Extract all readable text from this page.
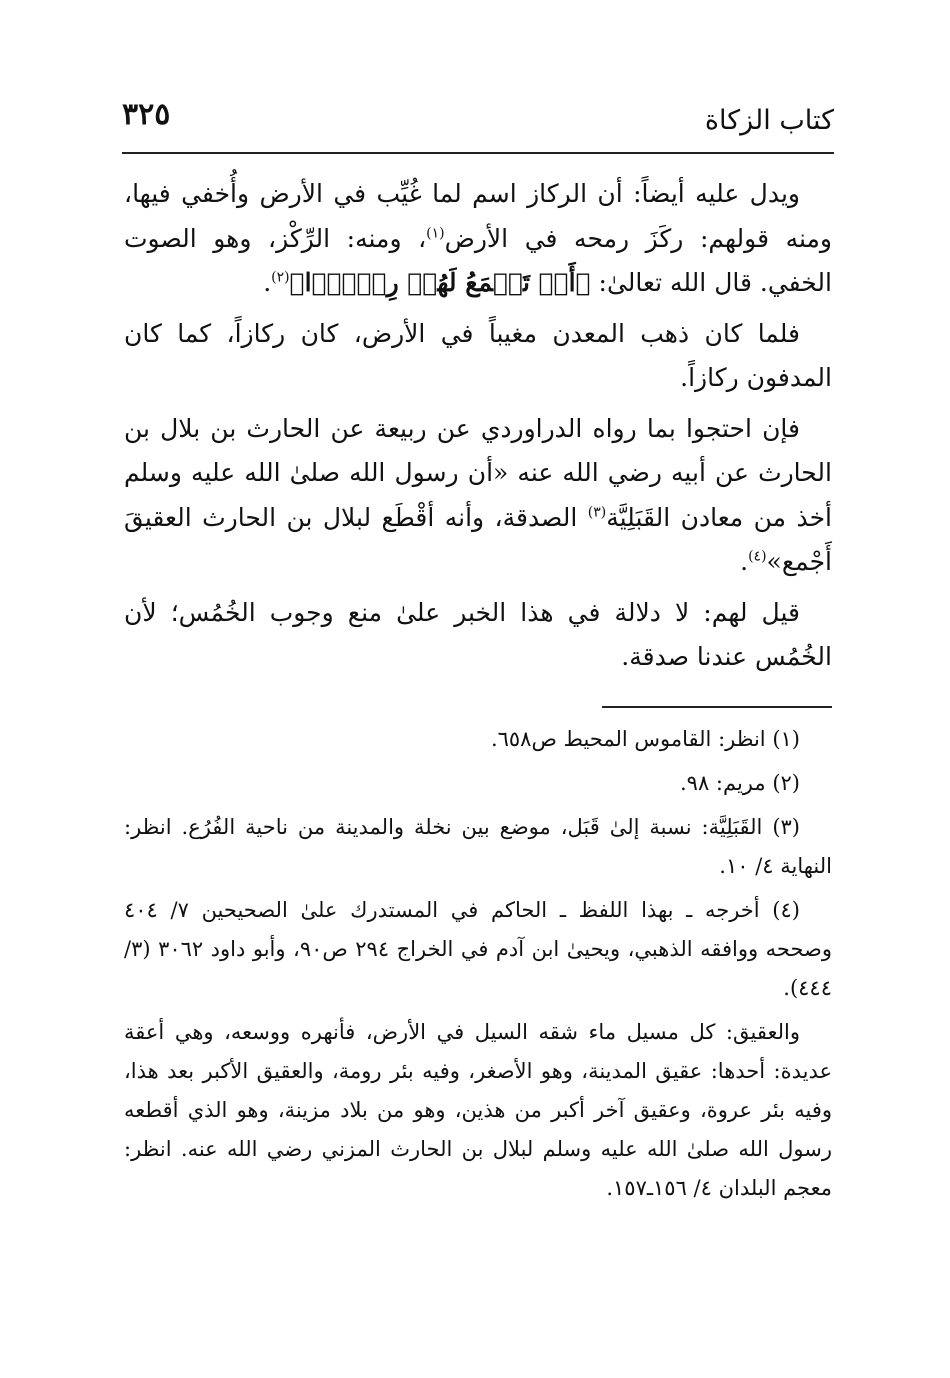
كتاب الزكاة
٣٢٥

ويدل عليه أيضاً: أن الركاز اسم لما غُيِّب في الأرض وأُخفي فيها، ومنه قولهم: ركَزَ رمحه في الأرض$^{(١)}$، ومنه: الرِّكْز، وهو الصوت الخفي. قال الله تعالىٰ: ﴿أَوۡ تَسۡمَعُ لَهُمۡ رِكۡزَۢا﴾$^{(٢)}$.

فلما كان ذهب المعدن مغيباً في الأرض، كان ركازاً، كما كان المدفون ركازاً.

فإن احتجوا بما رواه الدراوردي عن ربيعة عن الحارث بن بلال بن الحارث عن أبيه رضي الله عنه «أن رسول الله صلىٰ الله عليه وسلم أخذ من معادن القَبَلِيَّة$^{(٣)}$ الصدقة، وأنه أقْطَع لبلال بن الحارث العقيقَ أَجْمع»$^{(٤)}$.

قيل لهم: لا دلالة في هذا الخبر علىٰ منع وجوب الخُمُس؛ لأن الخُمُس عندنا صدقة.

(١) انظر: القاموس المحيط ص٦٥٨.

(٢) مريم: ٩٨.

(٣) القَبَلِيَّة: نسبة إلىٰ قَبَل، موضع بين نخلة والمدينة من ناحية الفُرُع. انظر: النهاية ٤/ ١٠.

(٤) أخرجه ـ بهذا اللفظ ـ الحاكم في المستدرك علىٰ الصحيحين ٧/ ٤٠٤ وصححه ووافقه الذهبي، ويحيىٰ ابن آدم في الخراج ٢٩٤ ص٩٠، وأبو داود ٣٠٦٢ (٣/ ٤٤٤).

والعقيق: كل مسيل ماء شقه السيل في الأرض، فأنهره ووسعه، وهي أعقة عديدة: أحدها: عقيق المدينة، وهو الأصغر، وفيه بئر رومة، والعقيق الأكبر بعد هذا، وفيه بئر عروة، وعقيق آخر أكبر من هذين، وهو من بلاد مزينة، وهو الذي أقطعه رسول الله صلىٰ الله عليه وسلم لبلال بن الحارث المزني رضي الله عنه. انظر: معجم البلدان ٤/ ١٥٦ـ١٥٧.
